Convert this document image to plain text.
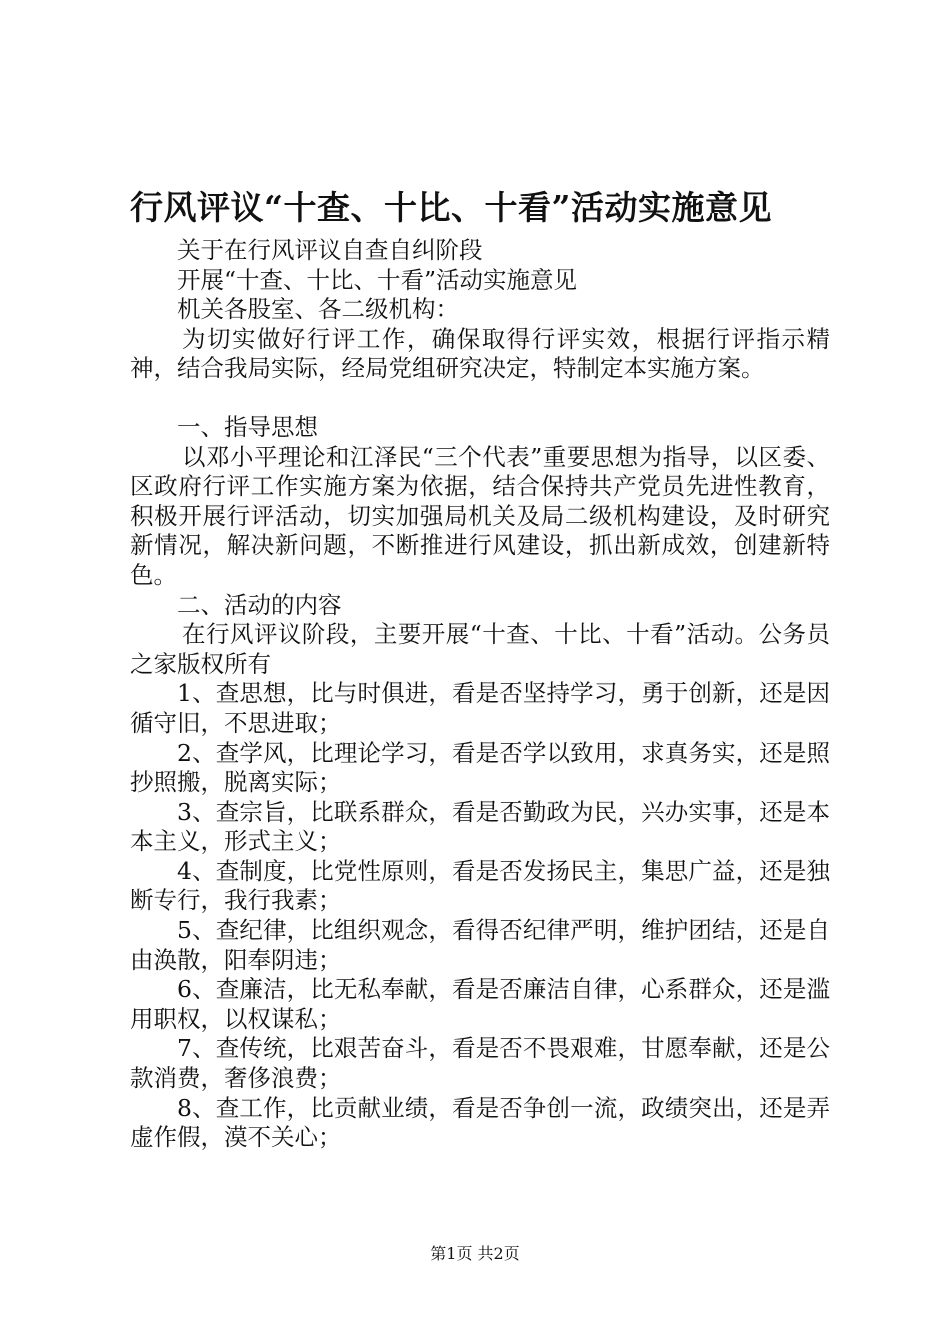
行风评议“十查、十比、十看”活动实施意见

关于在行风评议自查自纠阶段

开展“十查、十比、十看”活动实施意见

机关各股室、各二级机构：

为切实做好行评工作，确保取得行评实效，根据行评指示精神，结合我局实际，经局党组研究决定，特制定本实施方案。

一、指导思想

以邓小平理论和江泽民“三个代表”重要思想为指导，以区委、区政府行评工作实施方案为依据，结合保持共产党员先进性教育，积极开展行评活动，切实加强局机关及局二级机构建设，及时研究新情况，解决新问题，不断推进行风建设，抓出新成效，创建新特色。

二、活动的内容

在行风评议阶段，主要开展“十查、十比、十看”活动。公务员之家版权所有

1、查思想，比与时俱进，看是否坚持学习，勇于创新，还是因循守旧，不思进取；

2、查学风，比理论学习，看是否学以致用，求真务实，还是照抄照搬，脱离实际；

3、查宗旨，比联系群众，看是否勤政为民，兴办实事，还是本本主义，形式主义；

4、查制度，比党性原则，看是否发扬民主，集思广益，还是独断专行，我行我素；

5、查纪律，比组织观念，看得否纪律严明，维护团结，还是自由涣散，阳奉阴违；

6、查廉洁，比无私奉献，看是否廉洁自律，心系群众，还是滥用职权，以权谋私；

7、查传统，比艰苦奋斗，看是否不畏艰难，甘愿奉献，还是公款消费，奢侈浪费；

8、查工作，比贡献业绩，看是否争创一流，政绩突出，还是弄虚作假，漠不关心；

第1页 共2页
